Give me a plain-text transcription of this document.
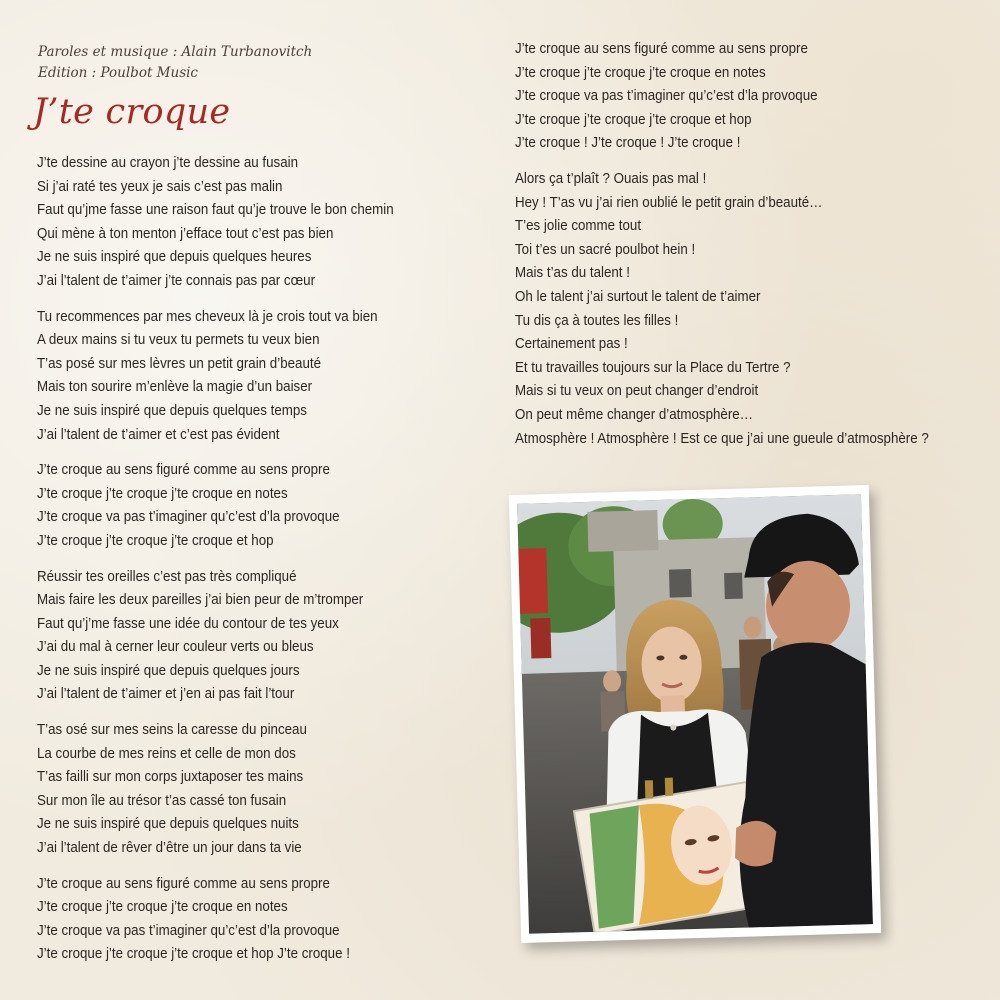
Paroles et musique : Alain Turbanovitch
Edition : Poulbot Music
J’te croque
J’te dessine au crayon j’te dessine au fusain
Si j’ai raté tes yeux je sais c’est pas malin
Faut qu’jme fasse une raison faut qu’je trouve le bon chemin
Qui mène à ton menton j’efface tout c’est pas bien
Je ne suis inspiré que depuis quelques heures
J’ai l’talent de t’aimer j’te connais pas par cœur
Tu recommences par mes cheveux là je crois tout va bien
A deux mains si tu veux tu permets tu veux bien
T’as posé sur mes lèvres un petit grain d’beauté
Mais ton sourire m’enlève la magie d’un baiser
Je ne suis inspiré que depuis quelques temps
J’ai l’talent de t’aimer et c’est pas évident
J’te croque au sens figuré comme au sens propre
J’te croque j’te croque j’te croque en notes
J’te croque va pas t’imaginer qu’c’est d’la provoque
J’te croque j’te croque j’te croque et hop
Réussir tes oreilles c’est pas très compliqué
Mais faire les deux pareilles j’ai bien peur de m’tromper
Faut qu’j’me fasse une idée du contour de tes yeux
J’ai du mal à cerner leur couleur verts ou bleus
Je ne suis inspiré que depuis quelques jours
J’ai l’talent de t’aimer et j’en ai pas fait l’tour
T’as osé sur mes seins la caresse du pinceau
La courbe de mes reins et celle de mon dos
T’as failli sur mon corps juxtaposer tes mains
Sur mon île au trésor t’as cassé ton fusain
Je ne suis inspiré que depuis quelques nuits
J’ai l’talent de rêver d’être un jour dans ta vie
J’te croque au sens figuré comme au sens propre
J’te croque j’te croque j’te croque en notes
J’te croque va pas t’imaginer qu’c’est d’la provoque
J’te croque j’te croque j’te croque et hop J’te croque !
J’te croque au sens figuré comme au sens propre
J’te croque j’te croque j’te croque en notes
J’te croque va pas t’imaginer qu’c’est d’la provoque
J’te croque j’te croque j’te croque et hop
J’te croque ! J’te croque ! J’te croque !
Alors ça t’plaît ? Ouais pas mal !
Hey ! T’as vu j’ai rien oublié le petit grain d’beauté…
T’es jolie comme tout
Toi t’es un sacré poulbot hein !
Mais t’as du talent !
Oh le talent j’ai surtout le talent de t’aimer
Tu dis ça à toutes les filles !
Certainement pas !
Et tu travailles toujours sur la Place du Tertre ?
Mais si tu veux on peut changer d’endroit
On peut même changer d’atmosphère…
Atmosphère ! Atmosphère ! Est ce que j’ai une gueule d’atmosphère ?
